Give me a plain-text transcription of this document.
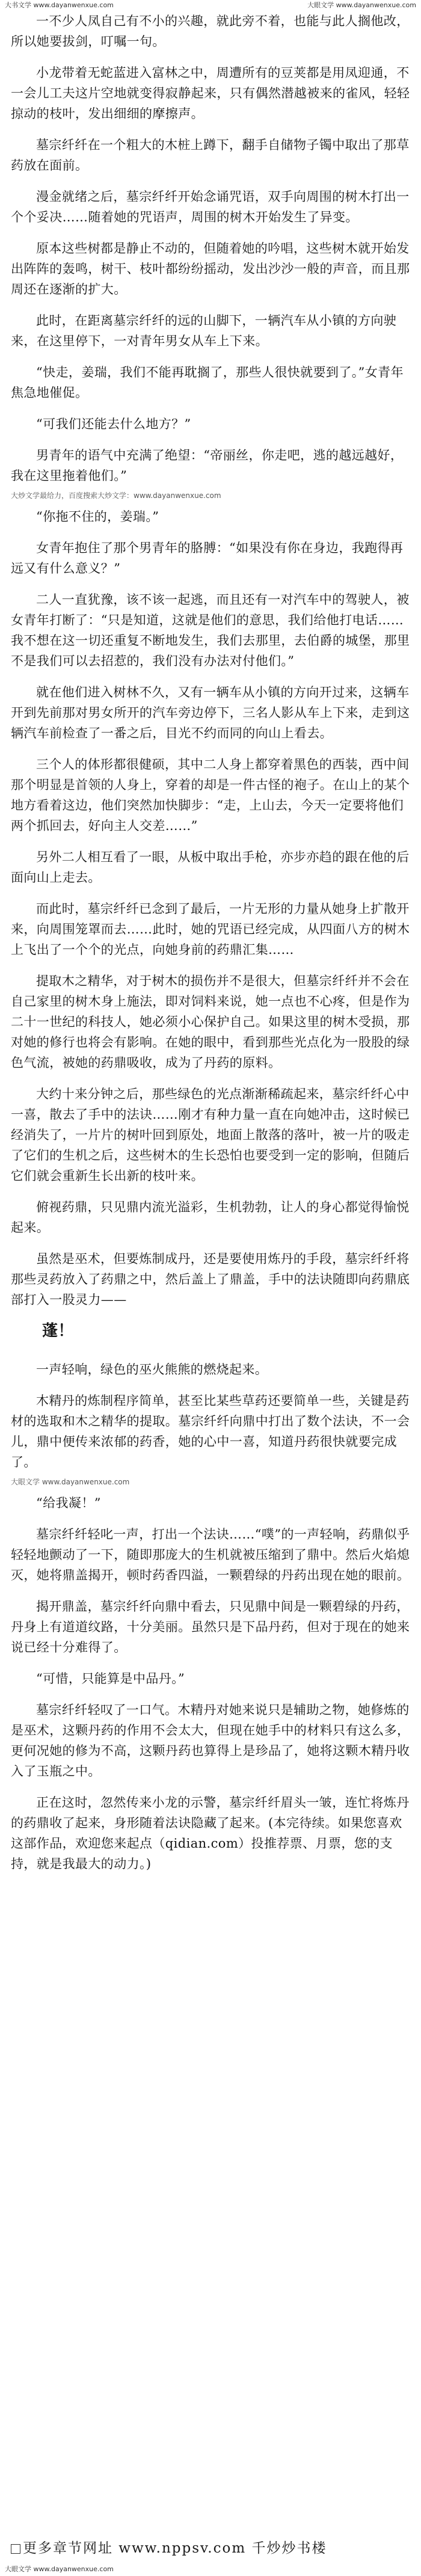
大书文学 www.dayanwenxue.com	大眼文学 www.dayanwenxue.com

一不少人凤自己有不小的兴趣，就此旁不着，也能与此人搁他改，所以她要拔剑，叮嘱一句。

小龙带着无蛇蓝进入富林之中，周遭所有的豆荚都是用凤迎通，不一会儿工夫这片空地就变得寂静起来，只有偶然潜越被来的雀风，轻轻掠动的枝叶，发出细细的摩擦声。

墓宗纤纤在一个粗大的木桩上蹲下，翻手自储物子镯中取出了那草药放在面前。

漫金就绪之后，墓宗纤纤开始念诵咒语，双手向周围的树木打出一个个妥决……随着她的咒语声，周围的树木开始发生了异变。

原本这些树都是静止不动的，但随着她的吟唱，这些树木就开始发出阵阵的轰鸣，树干、枝叶都纷纷摇动，发出沙沙一般的声音，而且那周还在逐渐的扩大。

此时，在距离墓宗纤纤的远的山脚下，一辆汽车从小镇的方向驶来，在这里停下，一对青年男女从车上下来。

“快走，姜瑞，我们不能再耽搁了，那些人很快就要到了。”女青年焦急地催促。

“可我们还能去什么地方？”

男青年的语气中充满了绝望：“帝丽丝，你走吧，逃的越远越好，我在这里拖着他们。”

大炒文学最给力，百度搜索大炒文学：www.dayanwenxue.com

“你拖不住的，姜瑞。”

女青年抱住了那个男青年的胳膊：“如果没有你在身边，我跑得再远又有什么意义？”

二人一直犹豫，该不该一起逃，而且还有一对汽车中的驾驶人，被女青年打断了：“只是知道，这就是他们的意思，我们给他打电话……我不想在这一切还重复不断地发生，我们去那里，去伯爵的城堡，那里不是我们可以去招惹的，我们没有办法对付他们。”

就在他们进入树林不久，又有一辆车从小镇的方向开过来，这辆车开到先前那对男女所开的汽车旁边停下，三名人影从车上下来，走到这辆汽车前检查了一番之后，目光不约而同的向山上看去。

三个人的体形都很健硕，其中二人身上都穿着黑色的西装，西中间那个明显是首领的人身上，穿着的却是一件古怪的袍子。在山上的某个地方看着这边，他们突然加快脚步：“走，上山去，今天一定要将他们两个抓回去，好向主人交差……”

另外二人相互看了一眼，从板中取出手枪，亦步亦趋的跟在他的后面向山上走去。

而此时，墓宗纤纤已念到了最后，一片无形的力量从她身上扩散开来，向周围笼罩而去……此时，她的咒语已经完成，从四面八方的树木上飞出了一个个的光点，向她身前的药鼎汇集……

提取木之精华，对于树木的损伤并不是很大，但墓宗纤纤并不会在自己家里的树木身上施法，即对饲料来说，她一点也不心疼，但是作为二十一世纪的科技人，她必须小心保护自己。如果这里的树木受损，那对她的修行也将会有影响。在她的眼中，看到那些光点化为一股股的绿色气流，被她的药鼎吸收，成为了丹药的原料。

大约十来分钟之后，那些绿色的光点渐渐稀疏起来，墓宗纤纤心中一喜，散去了手中的法诀……刚才有种力量一直在向她冲击，这时候已经消失了，一片片的树叶回到原处，地面上散落的落叶，被一片的吸走了它们的生机之后，这些树木的生长恐怕也要受到一定的影响，但随后它们就会重新生长出新的枝叶来。

俯视药鼎，只见鼎内流光溢彩，生机勃勃，让人的身心都觉得愉悦起来。

虽然是巫术，但要炼制成丹，还是要使用炼丹的手段，墓宗纤纤将那些灵药放入了药鼎之中，然后盖上了鼎盖，手中的法诀随即向药鼎底部打入一股灵力——

蓬！

一声轻响，绿色的巫火熊熊的燃烧起来。

木精丹的炼制程序简单，甚至比某些草药还要简单一些，关键是药材的选取和木之精华的提取。墓宗纤纤向鼎中打出了数个法诀，不一会儿，鼎中便传来浓郁的药香，她的心中一喜，知道丹药很快就要完成了。

大眼文学 www.dayanwenxue.com

“给我凝！”

墓宗纤纤轻叱一声，打出一个法诀……“噗”的一声轻响，药鼎似乎轻轻地颤动了一下，随即那庞大的生机就被压缩到了鼎中。然后火焰熄灭，她将鼎盖揭开，顿时药香四溢，一颗碧绿的丹药出现在她的眼前。

揭开鼎盖，墓宗纤纤向鼎中看去，只见鼎中间是一颗碧绿的丹药，丹身上有道道纹路，十分美丽。虽然只是下品丹药，但对于现在的她来说已经十分难得了。

“可惜，只能算是中品丹。”

墓宗纤纤轻叹了一口气。木精丹对她来说只是辅助之物，她修炼的是巫术，这颗丹药的作用不会太大，但现在她手中的材料只有这么多，更何况她的修为不高，这颗丹药也算得上是珍品了，她将这颗木精丹收入了玉瓶之中。

正在这时，忽然传来小龙的示警，墓宗纤纤眉头一皱，连忙将炼丹的药鼎收了起来，身形随着法诀隐藏了起来。(本完待续。如果您喜欢这部作品，欢迎您来起点（qidian.com）投推荐票、月票，您的支持，就是我最大的动力。)

更多章节网址 www.nppsv.com 千炒炒书楼
大眼文学 www.dayanwenxue.com
